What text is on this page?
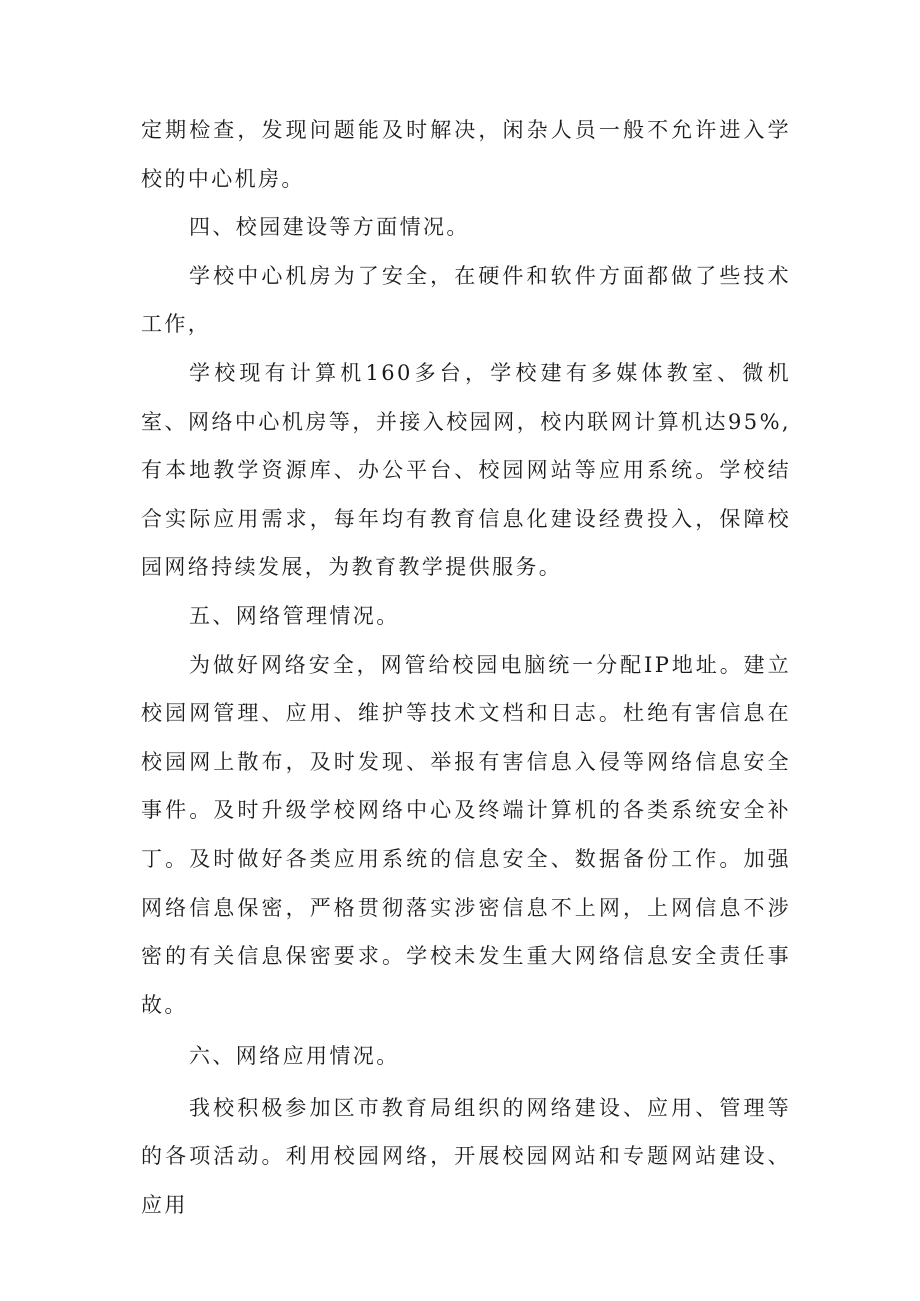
定期检查，发现问题能及时解决，闲杂人员一般不允许进入学校的中心机房。

四、校园建设等方面情况。

学校中心机房为了安全，在硬件和软件方面都做了些技术工作，

学校现有计算机160多台，学校建有多媒体教室、微机室、网络中心机房等，并接入校园网，校内联网计算机达95%,有本地教学资源库、办公平台、校园网站等应用系统。学校结合实际应用需求，每年均有教育信息化建设经费投入，保障校园网络持续发展，为教育教学提供服务。

五、网络管理情况。

为做好网络安全，网管给校园电脑统一分配IP地址。建立校园网管理、应用、维护等技术文档和日志。杜绝有害信息在校园网上散布，及时发现、举报有害信息入侵等网络信息安全事件。及时升级学校网络中心及终端计算机的各类系统安全补丁。及时做好各类应用系统的信息安全、数据备份工作。加强网络信息保密，严格贯彻落实涉密信息不上网，上网信息不涉密的有关信息保密要求。学校未发生重大网络信息安全责任事故。

六、网络应用情况。

我校积极参加区市教育局组织的网络建设、应用、管理等的各项活动。利用校园网络，开展校园网站和专题网站建设、应用
